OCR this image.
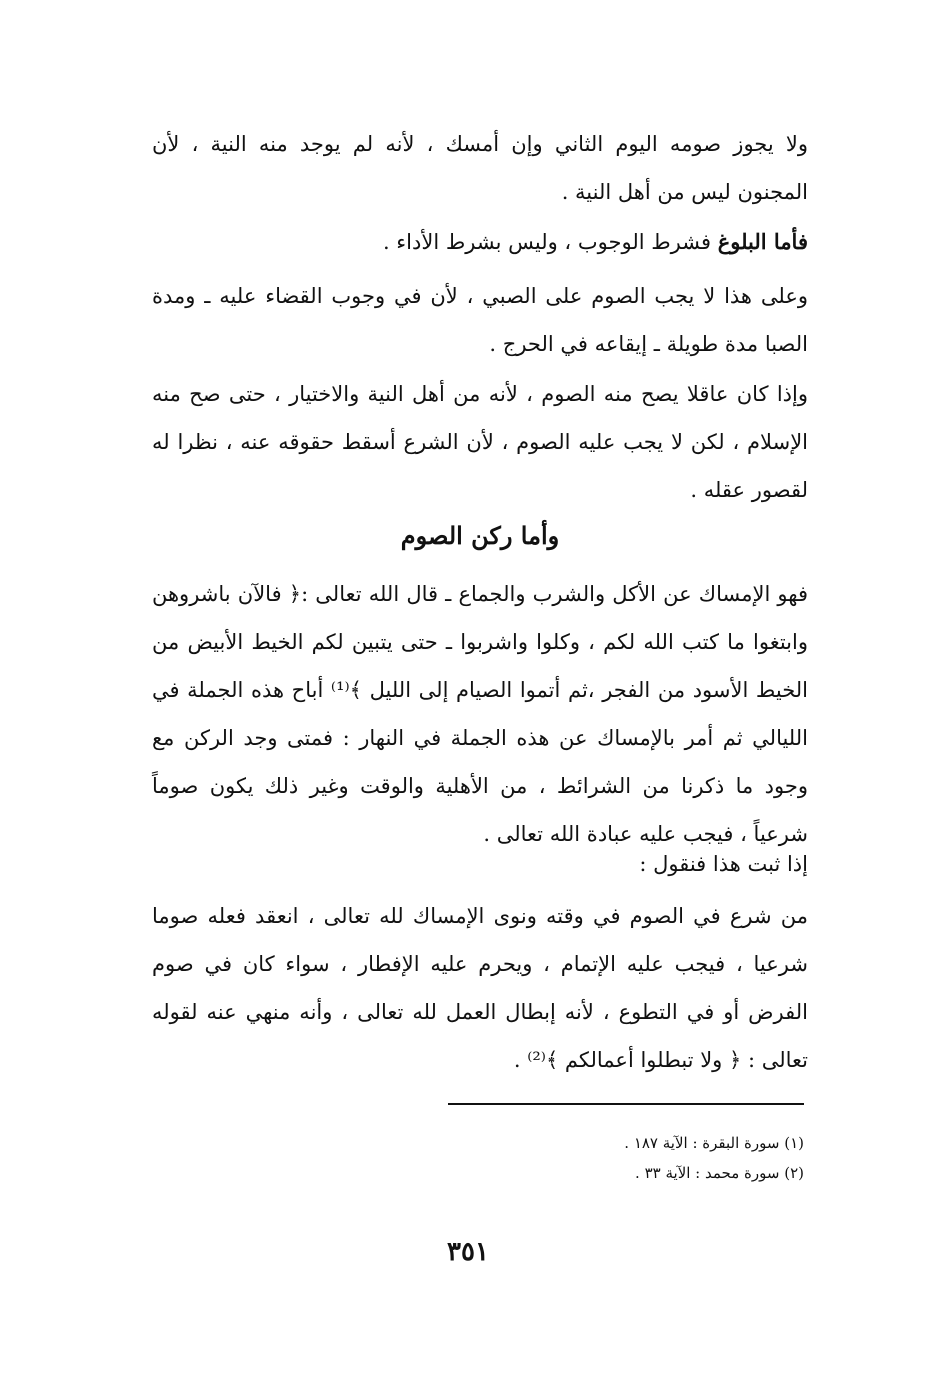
ولا يجوز صومه اليوم الثاني وإن أمسك ، لأنه لم يوجد منه النية ، لأن المجنون ليس من أهل النية .

فأما البلوغ فشرط الوجوب ، وليس بشرط الأداء .

وعلى هذا لا يجب الصوم على الصبي ، لأن في وجوب القضاء عليه ـ ومدة الصبا مدة طويلة ـ إيقاعه في الحرج .

وإذا كان عاقلا يصح منه الصوم ، لأنه من أهل النية والاختيار ، حتى صح منه الإسلام ، لكن لا يجب عليه الصوم ، لأن الشرع أسقط حقوقه عنه ، نظرا له لقصور عقله .

وأما ركن الصوم

فهو الإمساك عن الأكل والشرب والجماع ـ قال الله تعالى :﴿ فالآن باشروهن وابتغوا ما كتب الله لكم ، وكلوا واشربوا ـ حتى يتبين لكم الخيط الأبيض من الخيط الأسود من الفجر ،ثم أتموا الصيام إلى الليل ﴾⁽¹⁾ أباح هذه الجملة في الليالي ثم أمر بالإمساك عن هذه الجملة في النهار : فمتى وجد الركن مع وجود ما ذكرنا من الشرائط ، من الأهلية والوقت وغير ذلك يكون صوماً شرعياً ، فيجب عليه عبادة الله تعالى .

إذا ثبت هذا فنقول :

من شرع في الصوم في وقته ونوى الإمساك لله تعالى ، انعقد فعله صوما شرعيا ، فيجب عليه الإتمام ، ويحرم عليه الإفطار ، سواء كان في صوم الفرض أو في التطوع ، لأنه إبطال العمل لله تعالى ، وأنه منهي عنه لقوله تعالى : ﴿ ولا تبطلوا أعمالكم ﴾⁽²⁾ .

(١) سورة البقرة : الآية ١٨٧ .
(٢) سورة محمد : الآية ٣٣ .
٣٥١
